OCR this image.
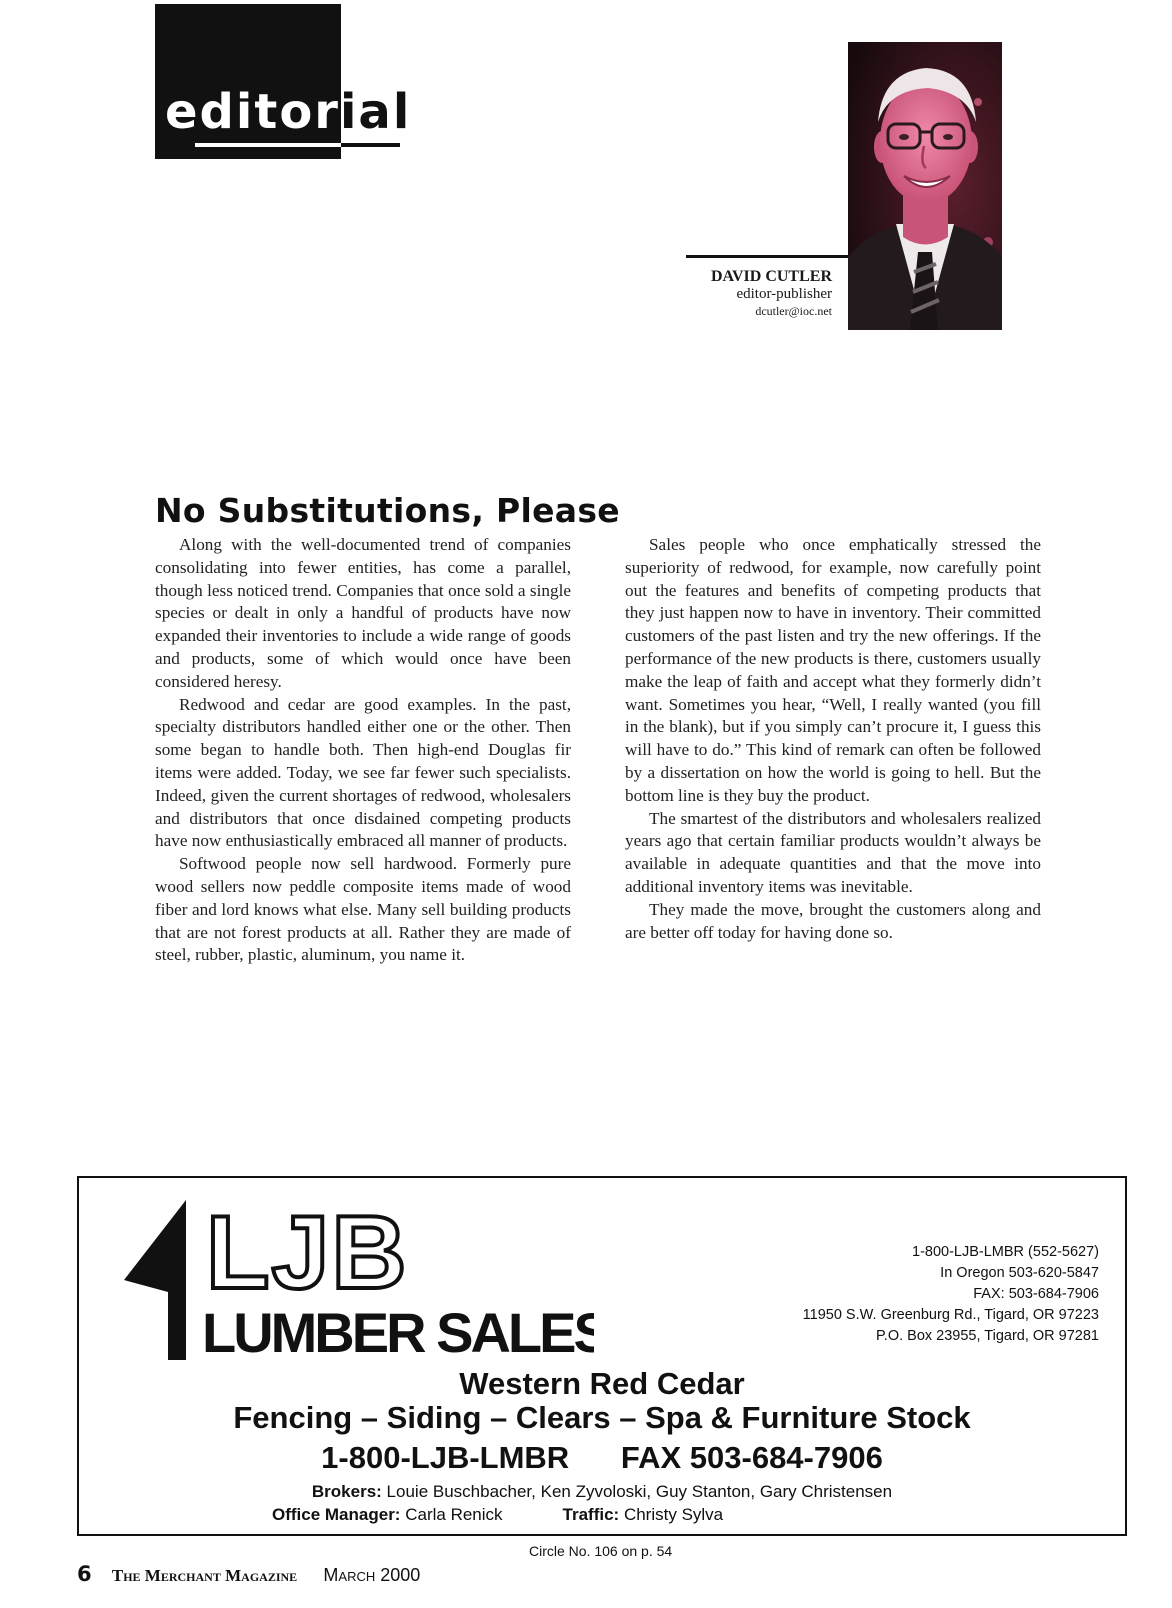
editorial
DAVID CUTLER
editor-publisher
dcutler@ioc.net
No Substitutions, Please

Along with the well-documented trend of companies consolidating into fewer entities, has come a parallel, though less noticed trend. Companies that once sold a single species or dealt in only a handful of products have now expanded their inventories to include a wide range of goods and products, some of which would once have been considered heresy.

Redwood and cedar are good examples. In the past, specialty distributors handled either one or the other. Then some began to handle both. Then high-end Douglas fir items were added. Today, we see far fewer such specialists. Indeed, given the current shortages of redwood, wholesalers and distributors that once disdained competing products have now enthusiastically embraced all manner of products.

Softwood people now sell hardwood. Formerly pure wood sellers now peddle composite items made of wood fiber and lord knows what else. Many sell building products that are not forest products at all. Rather they are made of steel, rubber, plastic, aluminum, you name it.

Sales people who once emphatically stressed the superiority of redwood, for example, now carefully point out the features and benefits of competing products that they just happen now to have in inventory. Their committed customers of the past listen and try the new offerings. If the performance of the new products is there, customers usually make the leap of faith and accept what they formerly didn’t want. Sometimes you hear, “Well, I really wanted (you fill in the blank), but if you simply can’t procure it, I guess this will have to do.” This kind of remark can often be followed by a dissertation on how the world is going to hell. But the bottom line is they buy the product.

The smartest of the distributors and wholesalers realized years ago that certain familiar products wouldn’t always be available in adequate quantities and that the move into additional inventory items was inevitable.

They made the move, brought the customers along and are better off today for having done so.

LJB
LUMBER SALES
1-800-LJB-LMBR (552-5627)
In Oregon 503-620-5847
FAX: 503-684-7906
11950 S.W. Greenburg Rd., Tigard, OR 97223
P.O. Box 23955, Tigard, OR 97281
Western Red Cedar
Fencing – Siding – Clears – Spa & Furniture Stock
1-800-LJB-LMBR FAX 503-684-7906
Brokers: Louie Buschbacher, Ken Zyvoloski, Guy Stanton, Gary Christensen
Office Manager: Carla Renick	Traffic: Christy Sylva
Circle No. 106 on p. 54
6 The Merchant Magazine March 2000
